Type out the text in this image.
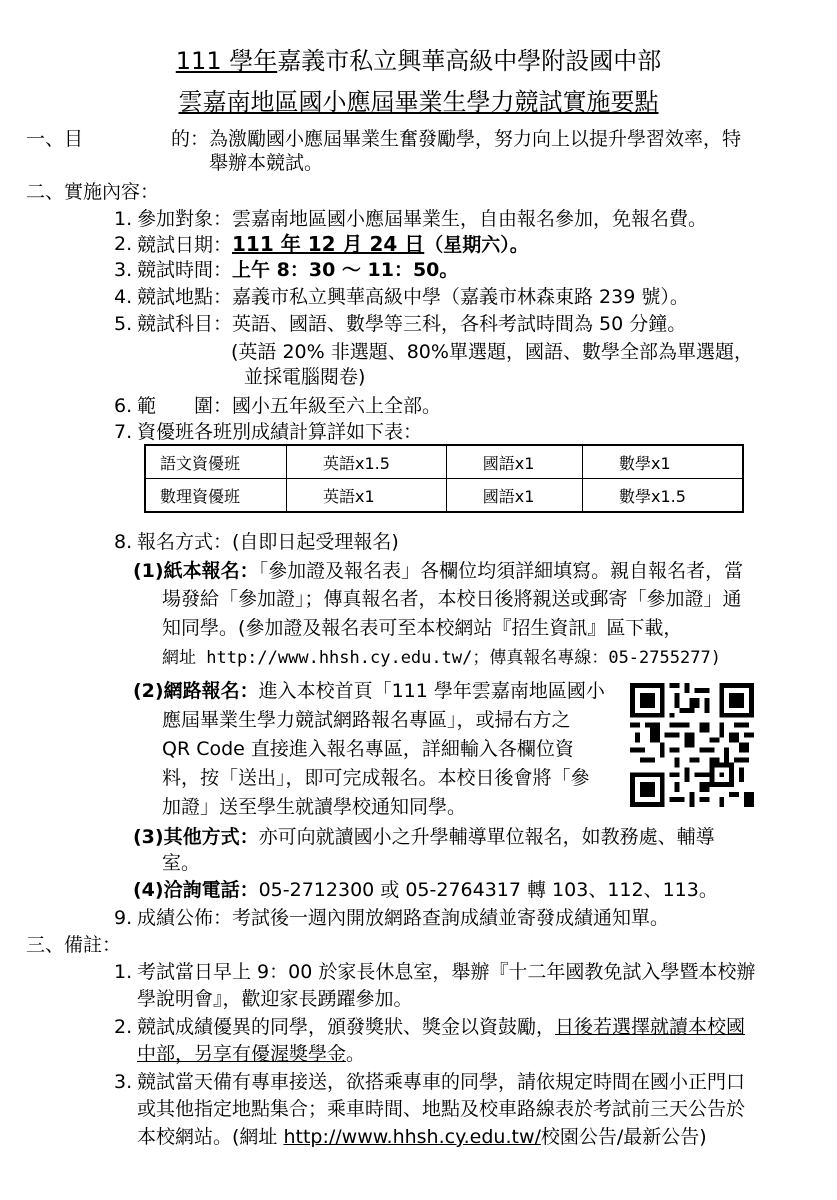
111 學年嘉義市私立興華高級中學附設國中部
雲嘉南地區國小應屆畢業生學力競試實施要點
一、目	的： 為激勵國小應屆畢業生奮發勵學，努力向上以提升學習效率，特
舉辦本競試。
二、實施內容：
1. 參加對象：雲嘉南地區國小應屆畢業生，自由報名參加，免報名費。
2. 競試日期：111 年 12 月 24 日（星期六）。
3. 競試時間：上午 8：30 ～ 11：50。
4. 競試地點：嘉義市私立興華高級中學（嘉義市林森東路 239 號）。
5. 競試科目：英語、國語、數學等三科，各科考試時間為 50 分鐘。
(英語 20% 非選題、80%單選題，國語、數學全部為單選題，
並採電腦閱卷)
6. 範　　圍：國小五年級至六上全部。
7. 資優班各班別成績計算詳如下表：
語文資優班	英語x1.5	國語x1	數學x1
數理資優班	英語x1	國語x1	數學x1.5
8. 報名方式：(自即日起受理報名)
(1)紙本報名：「參加證及報名表」各欄位均須詳細填寫。親自報名者，當
場發給「參加證」；傳真報名者，本校日後將親送或郵寄「參加證」通
知同學。(參加證及報名表可至本校網站『招生資訊』區下載，
網址 http://www.hhsh.cy.edu.tw/；傳真報名專線：05-2755277)
(2)網路報名：進入本校首頁「111 學年雲嘉南地區國小
應屆畢業生學力競試網路報名專區」，或掃右方之
QR Code 直接進入報名專區，詳細輸入各欄位資
料，按「送出」，即可完成報名。本校日後會將「參
加證」送至學生就讀學校通知同學。
(3)其他方式：亦可向就讀國小之升學輔導單位報名，如教務處、輔導
室。
(4)洽詢電話：05-2712300 或 05-2764317 轉 103、112、113。
9. 成績公佈：考試後一週內開放網路查詢成績並寄發成績通知單。
三、備註：
1. 考試當日早上 9：00 於家長休息室，舉辦『十二年國教免試入學暨本校辦
學說明會』，歡迎家長踴躍參加。
2. 競試成績優異的同學，頒發獎狀、獎金以資鼓勵，日後若選擇就讀本校國
中部，另享有優渥獎學金。
3. 競試當天備有專車接送，欲搭乘專車的同學，請依規定時間在國小正門口
或其他指定地點集合；乘車時間、地點及校車路線表於考試前三天公告於
本校網站。(網址 http://www.hhsh.cy.edu.tw/校園公告/最新公告)
